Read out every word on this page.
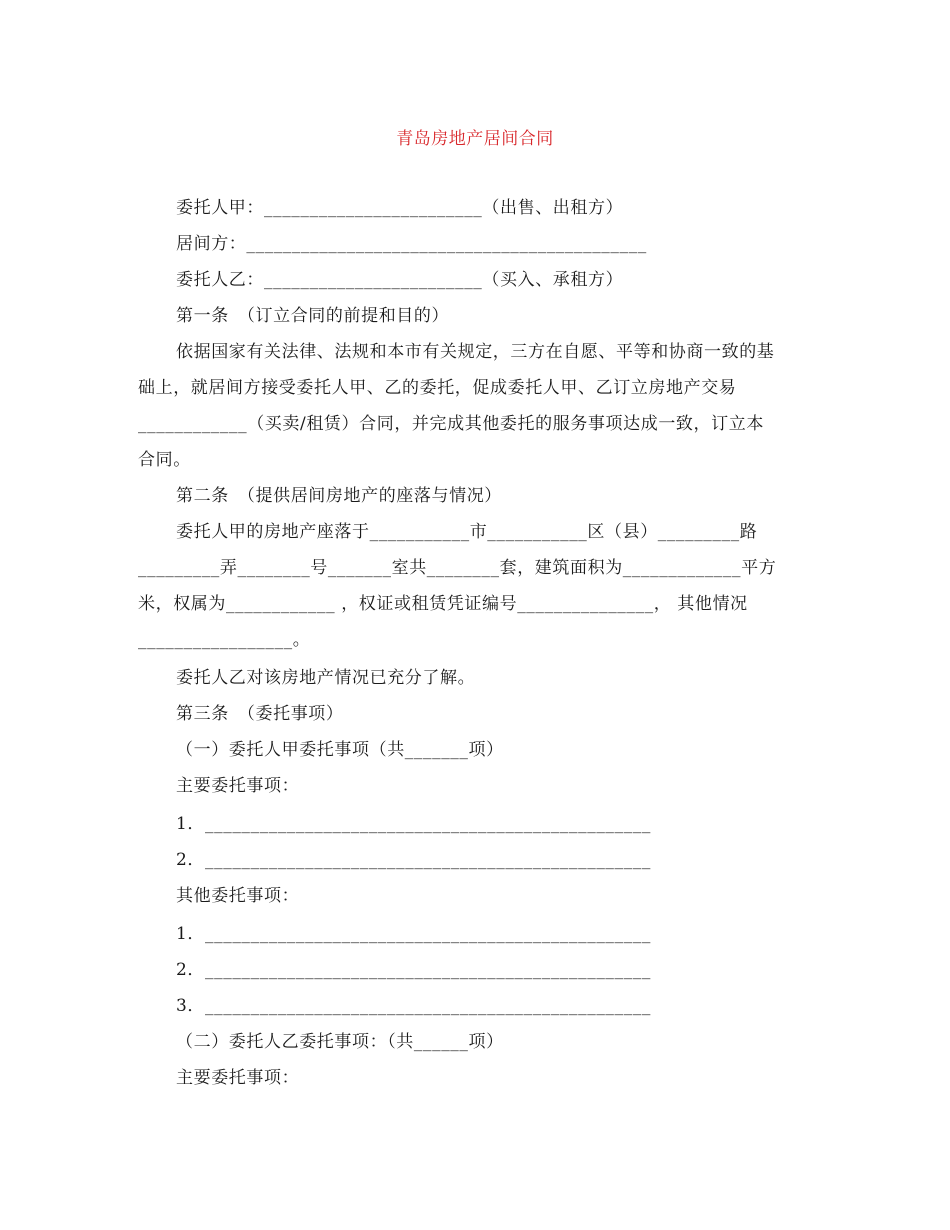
青岛房地产居间合同
委托人甲：________________________（出售、出租方）
居间方：____________________________________________
委托人乙：________________________（买入、承租方）
第一条　（订立合同的前提和目的）
依据国家有关法律、法规和本市有关规定，三方在自愿、平等和协商一致的基
础上，就居间方接受委托人甲、乙的委托，促成委托人甲、乙订立房地产交易
____________（买卖/租赁）合同，并完成其他委托的服务事项达成一致，订立本
合同。
第二条　（提供居间房地产的座落与情况）
委托人甲的房地产座落于___________市___________区（县）_________路
_________弄________号_______室共________套，建筑面积为_____________平方
米，权属为____________ ，权证或租赁凭证编号_______________， 其他情况
_________________。
委托人乙对该房地产情况已充分了解。
第三条　（委托事项）
（一）委托人甲委托事项（共_______项）
主要委托事项：
1．_________________________________________________
2．_________________________________________________
其他委托事项：
1．_________________________________________________
2．_________________________________________________
3．_________________________________________________
（二）委托人乙委托事项：（共______项）
主要委托事项：
